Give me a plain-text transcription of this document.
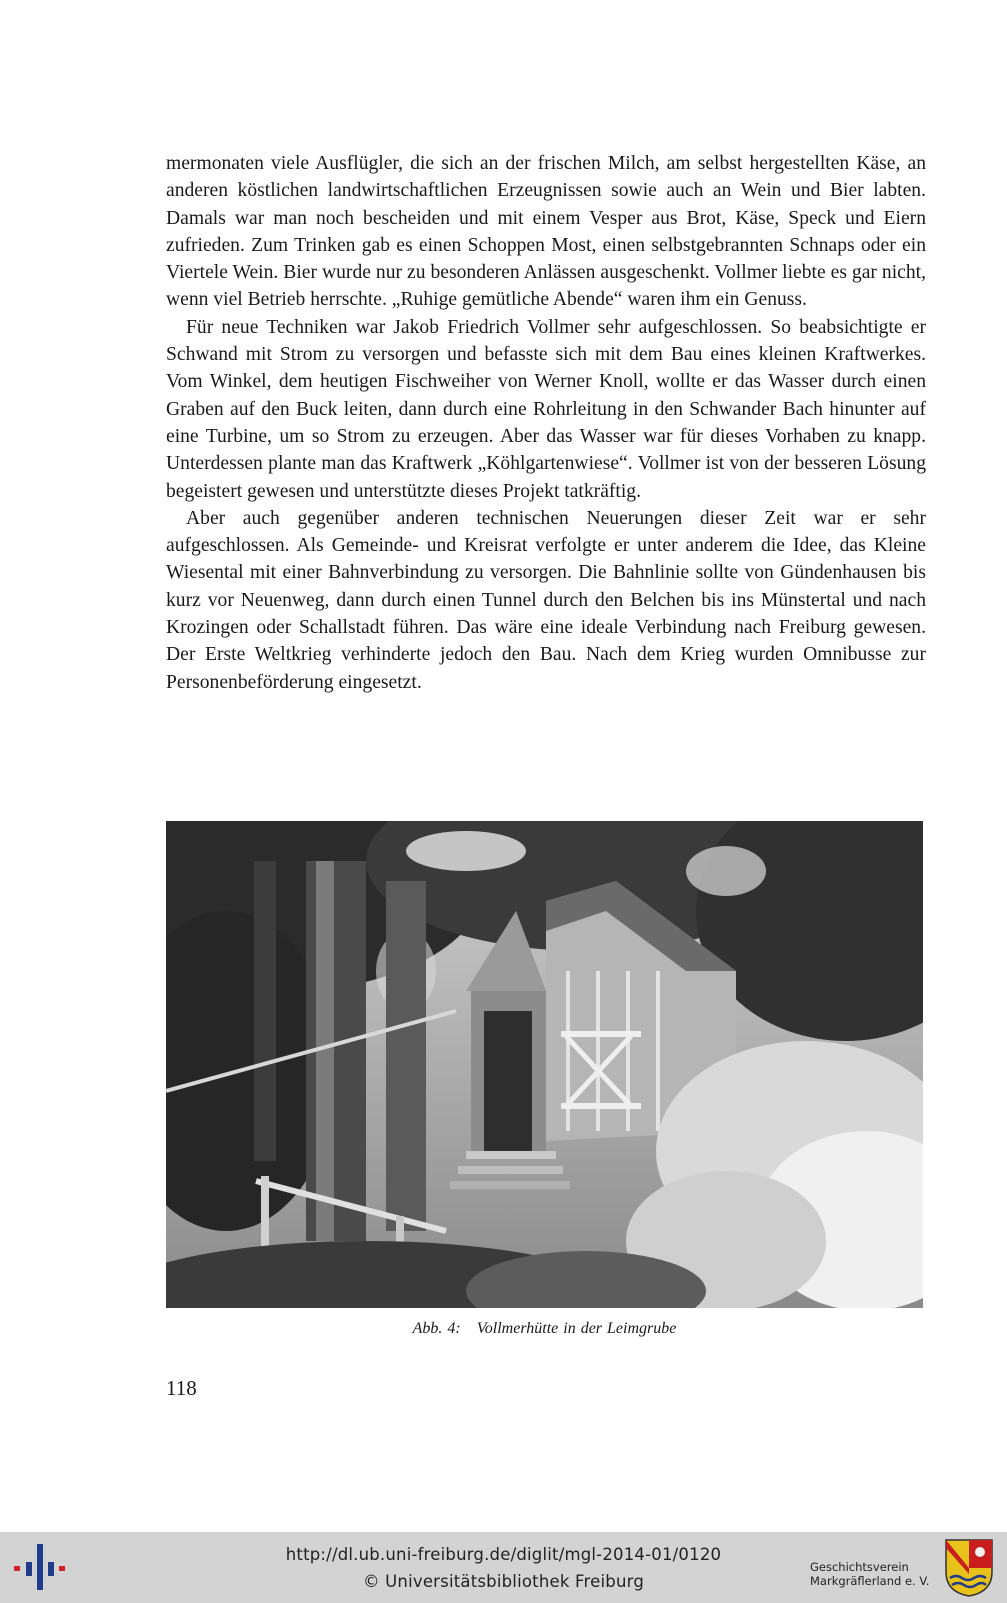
mermonaten viele Ausflügler, die sich an der frischen Milch, am selbst hergestellten Käse, an anderen köstlichen landwirtschaftlichen Erzeugnissen sowie auch an Wein und Bier labten. Damals war man noch bescheiden und mit einem Vesper aus Brot, Käse, Speck und Eiern zufrieden. Zum Trinken gab es einen Schoppen Most, einen selbstgebrannten Schnaps oder ein Viertele Wein. Bier wurde nur zu besonderen Anlässen ausgeschenkt. Vollmer liebte es gar nicht, wenn viel Betrieb herrschte. „Ruhige gemütliche Abende“ waren ihm ein Genuss.

Für neue Techniken war Jakob Friedrich Vollmer sehr aufgeschlossen. So beabsichtigte er Schwand mit Strom zu versorgen und befasste sich mit dem Bau eines kleinen Kraftwerkes. Vom Winkel, dem heutigen Fischweiher von Werner Knoll, wollte er das Wasser durch einen Graben auf den Buck leiten, dann durch eine Rohrleitung in den Schwander Bach hinunter auf eine Turbine, um so Strom zu erzeugen. Aber das Wasser war für dieses Vorhaben zu knapp. Unterdessen plante man das Kraftwerk „Köhlgartenwiese“. Vollmer ist von der besseren Lösung begeistert gewesen und unterstützte dieses Projekt tatkräftig.

Aber auch gegenüber anderen technischen Neuerungen dieser Zeit war er sehr aufgeschlossen. Als Gemeinde- und Kreisrat verfolgte er unter anderem die Idee, das Kleine Wiesental mit einer Bahnverbindung zu versorgen. Die Bahnlinie sollte von Gündenhausen bis kurz vor Neuenweg, dann durch einen Tunnel durch den Belchen bis ins Münstertal und nach Krozingen oder Schallstadt führen. Das wäre eine ideale Verbindung nach Freiburg gewesen. Der Erste Weltkrieg verhinderte jedoch den Bau. Nach dem Krieg wurden Omnibusse zur Personenbeförderung eingesetzt.

Abb. 4: Vollmerhütte in der Leimgrube
118
http://dl.ub.uni-freiburg.de/diglit/mgl-2014-01/0120
© Universitätsbibliothek Freiburg
Geschichtsverein
Markgräflerland e. V.
